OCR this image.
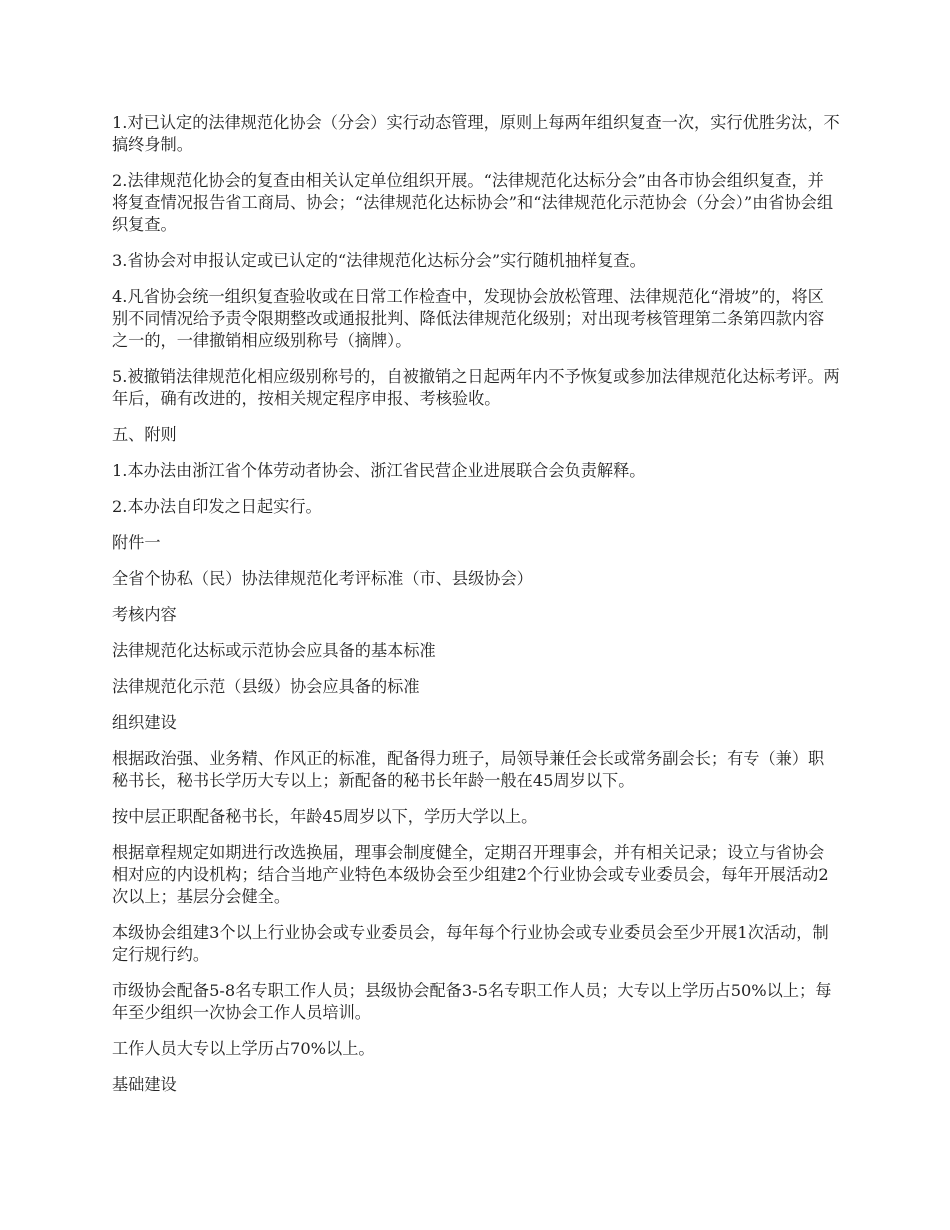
1.对已认定的法律规范化协会（分会）实行动态管理，原则上每两年组织复查一次，实行优胜劣汰，不搞终身制。

2.法律规范化协会的复查由相关认定单位组织开展。“法律规范化达标分会”由各市协会组织复查，并将复查情况报告省工商局、协会；“法律规范化达标协会”和“法律规范化示范协会（分会）”由省协会组织复查。

3.省协会对申报认定或已认定的“法律规范化达标分会”实行随机抽样复查。

4.凡省协会统一组织复查验收或在日常工作检查中，发现协会放松管理、法律规范化“滑坡”的，将区别不同情况给予责令限期整改或通报批判、降低法律规范化级别；对出现考核管理第二条第四款内容之一的，一律撤销相应级别称号（摘牌）。

5.被撤销法律规范化相应级别称号的，自被撤销之日起两年内不予恢复或参加法律规范化达标考评。两年后，确有改进的，按相关规定程序申报、考核验收。

五、附则

1.本办法由浙江省个体劳动者协会、浙江省民营企业进展联合会负责解释。

2.本办法自印发之日起实行。

附件一

全省个协私（民）协法律规范化考评标准（市、县级协会）

考核内容

法律规范化达标或示范协会应具备的基本标准

法律规范化示范（县级）协会应具备的标准

组织建设

根据政治强、业务精、作风正的标准，配备得力班子，局领导兼任会长或常务副会长；有专（兼）职秘书长，秘书长学历大专以上；新配备的秘书长年龄一般在45周岁以下。

按中层正职配备秘书长，年龄45周岁以下，学历大学以上。

根据章程规定如期进行改选换届，理事会制度健全，定期召开理事会，并有相关记录；设立与省协会相对应的内设机构；结合当地产业特色本级协会至少组建2个行业协会或专业委员会，每年开展活动2次以上；基层分会健全。

本级协会组建3个以上行业协会或专业委员会，每年每个行业协会或专业委员会至少开展1次活动，制定行规行约。

市级协会配备5-8名专职工作人员；县级协会配备3-5名专职工作人员；大专以上学历占50%以上；每年至少组织一次协会工作人员培训。

工作人员大专以上学历占70%以上。

基础建设
